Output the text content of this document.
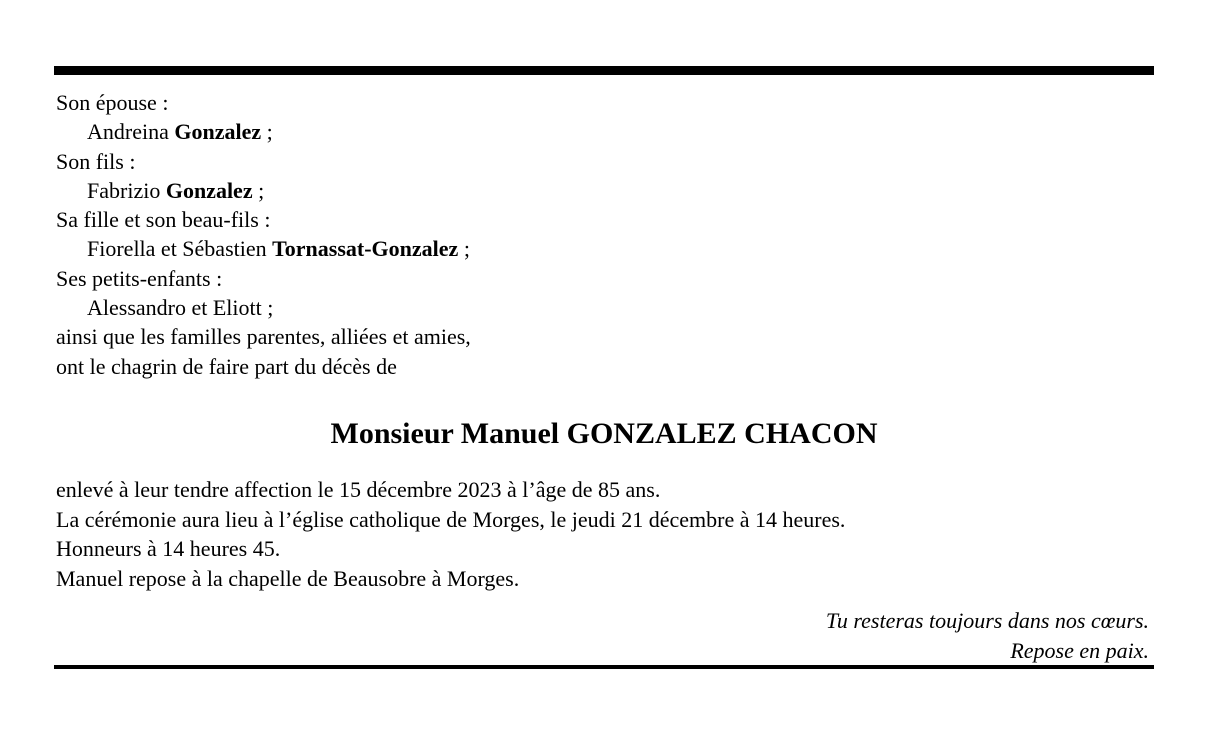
Son épouse :
Andreina Gonzalez ;
Son fils :
Fabrizio Gonzalez ;
Sa fille et son beau-fils :
Fiorella et Sébastien Tornassat-Gonzalez ;
Ses petits-enfants :
Alessandro et Eliott ;
ainsi que les familles parentes, alliées et amies,
ont le chagrin de faire part du décès de
Monsieur Manuel GONZALEZ CHACON
enlevé à leur tendre affection le 15 décembre 2023 à l’âge de 85 ans.
La cérémonie aura lieu à l’église catholique de Morges, le jeudi 21 décembre à 14 heures.
Honneurs à 14 heures 45.
Manuel repose à la chapelle de Beausobre à Morges.
Tu resteras toujours dans nos cœurs.
Repose en paix.
